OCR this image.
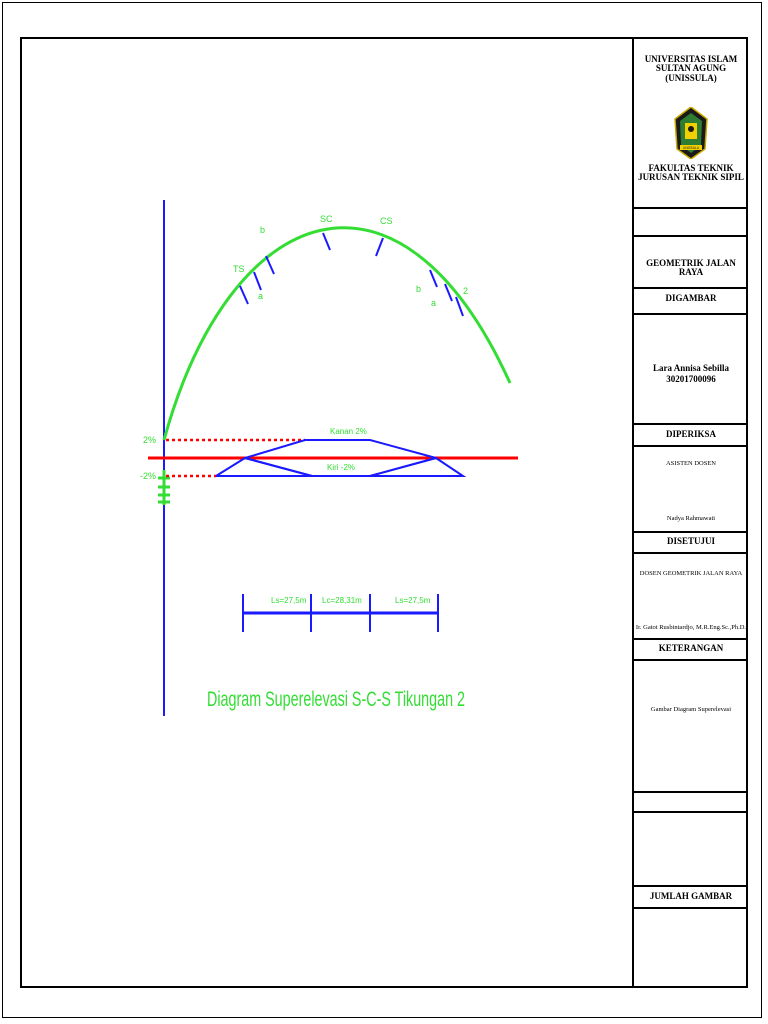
b
TS
a
SC	CS
b
a
2
2%
-2%
Kanan 2%
Kiri -2%
Ls=27,5m Lc=28,31m	Ls=27,5m
Diagram Superelevasi S-C-S Tikungan 2
UNIVERSITAS ISLAM SULTAN AGUNG (UNISSULA)
UNISSULA
FAKULTAS TEKNIK JURUSAN TEKNIK SIPIL
GEOMETRIK JALAN RAYA
DIGAMBAR
Lara Annisa Sebilla
30201700096
DIPERIKSA
ASISTEN DOSEN
Nadya Rahmawati
DISETUJUI
DOSEN GEOMETRIK JALAN RAYA
Ir. Gatot Rusbintardjo, M.R.Eng.Sc.,Ph.D.
KETERANGAN
Gambar Diagram Superelevasi
JUMLAH GAMBAR
